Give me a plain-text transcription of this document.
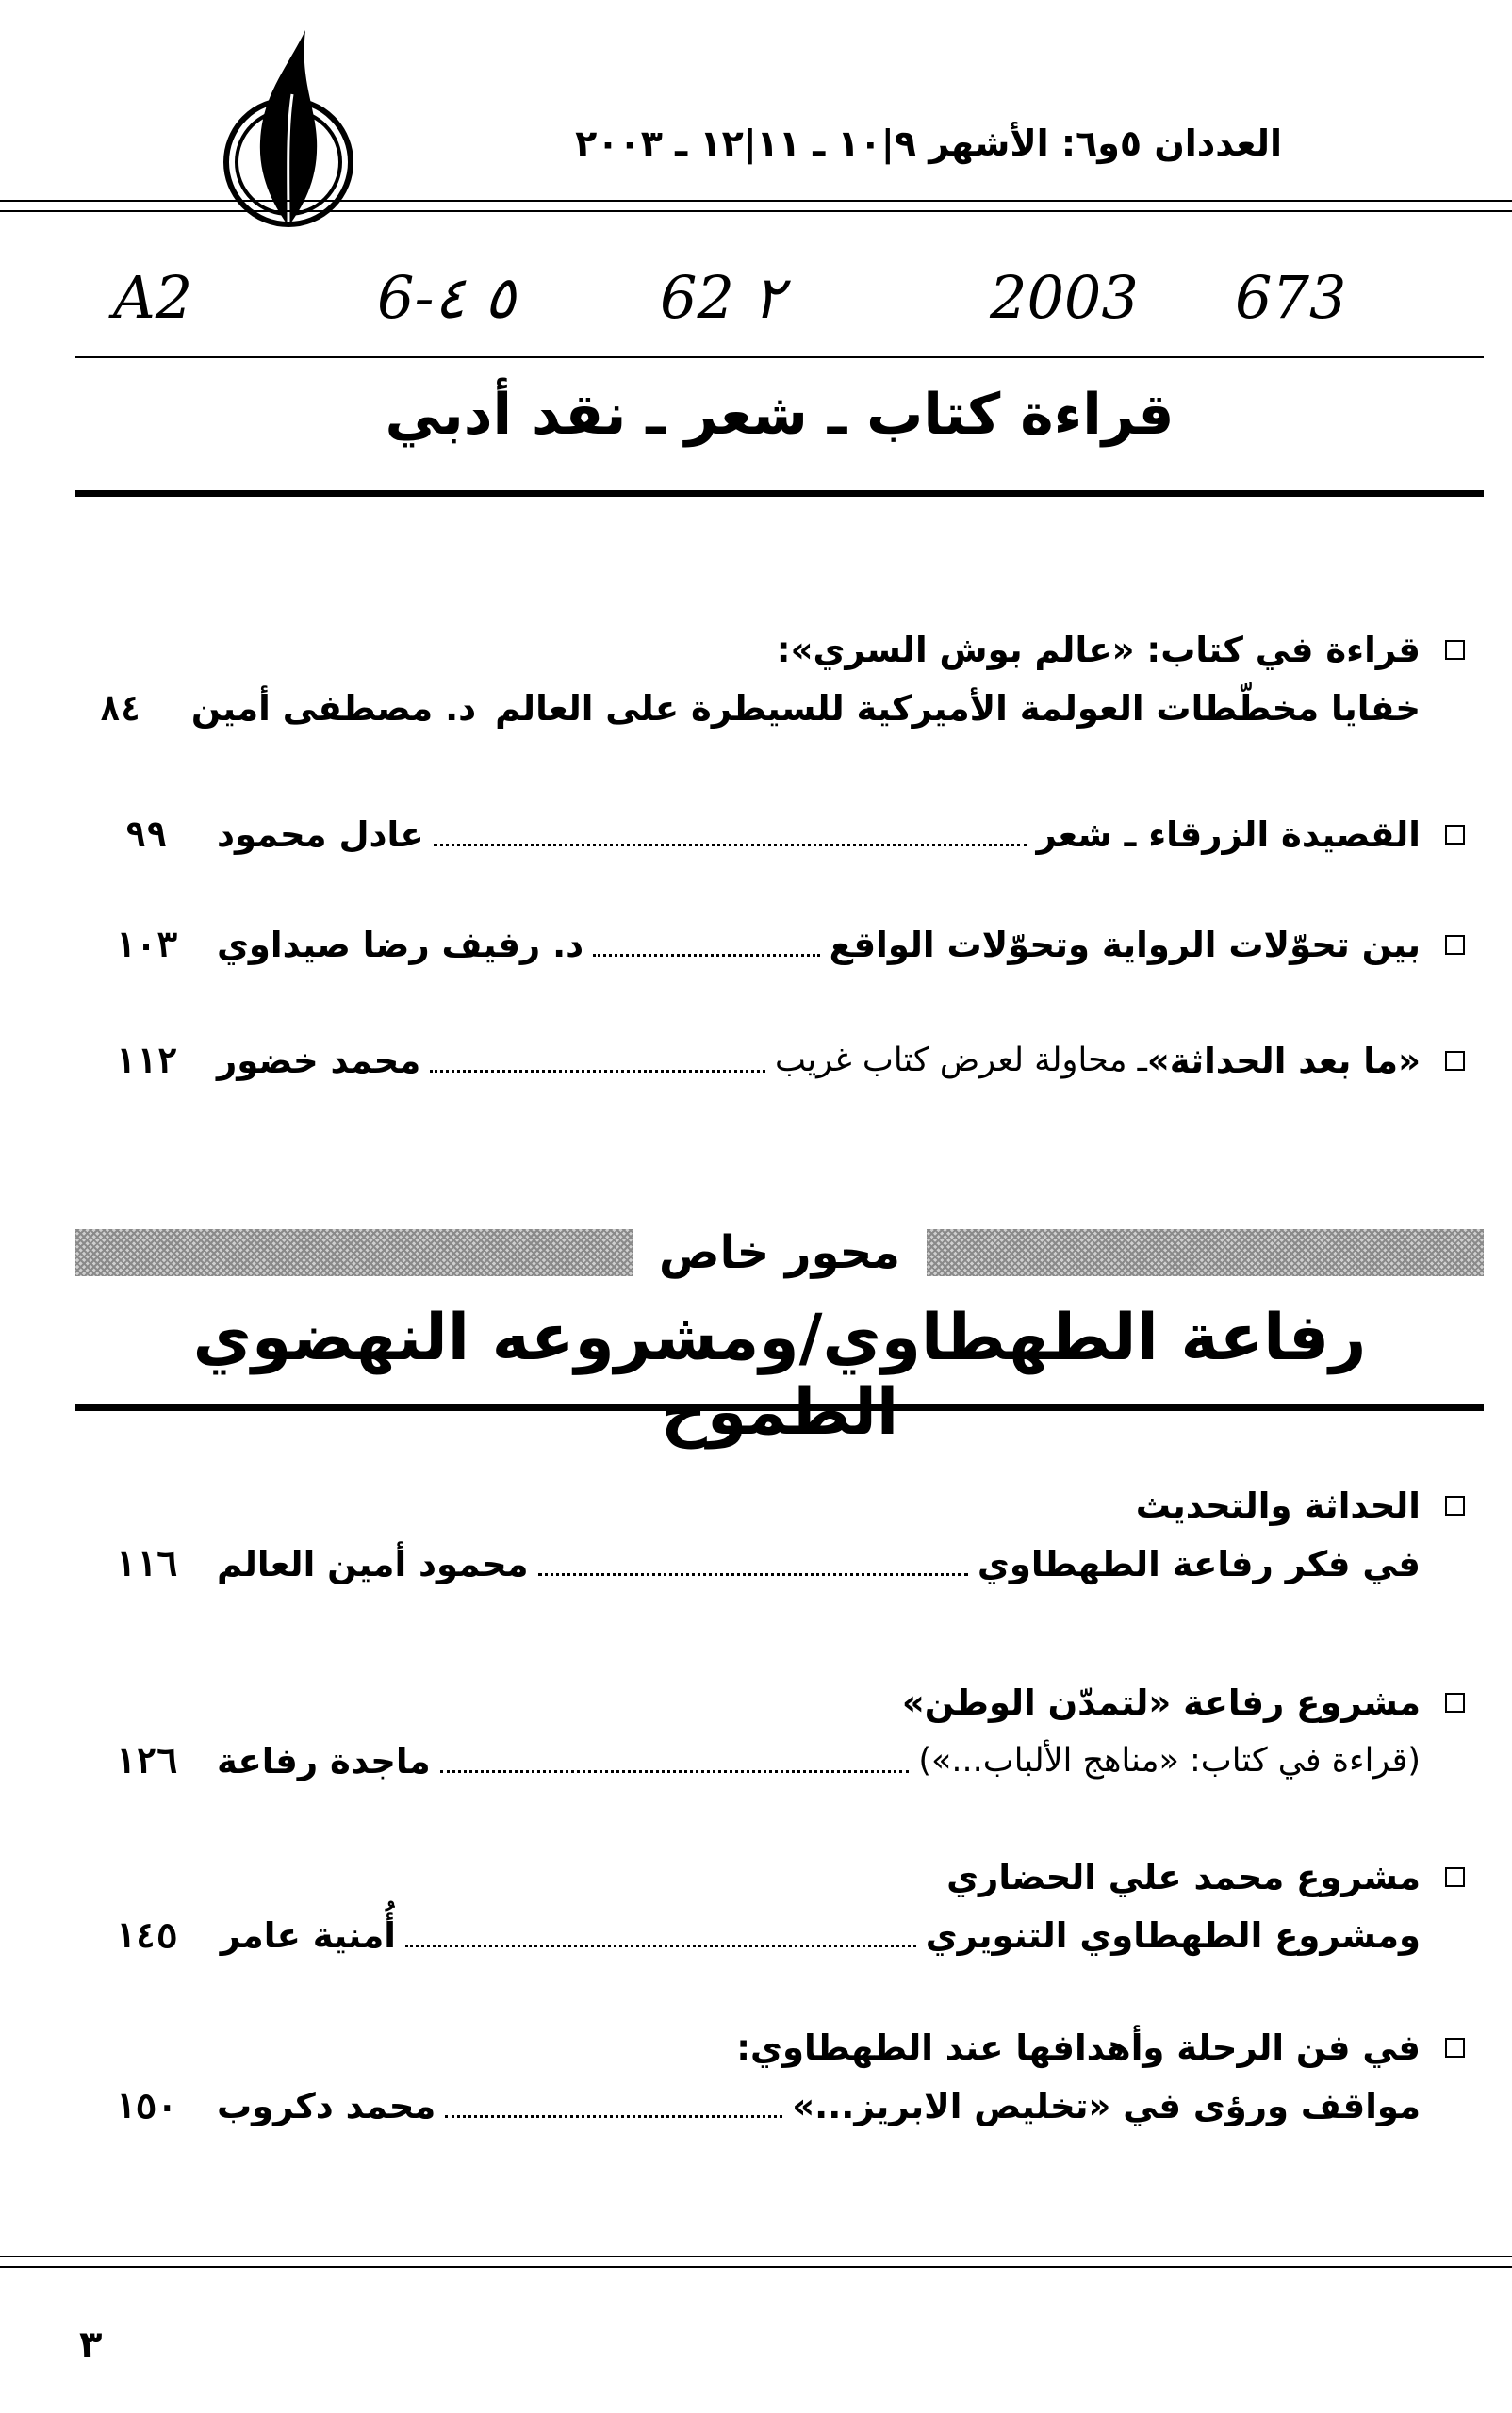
العددان ٥و٦: الأشهر ٩|١٠ ـ ١١|١٢ ـ ٢٠٠٣
A2	6-٥ ٤ 62 ٢	2003 673
قراءة كتاب ـ شعر ـ نقد أدبي
قراءة في كتاب: «عالم بوش السري»:
خفايا مخطّطات العولمة الأميركية للسيطرة على العالم
د. مصطفى أمين
٨٤
القصيدة الزرقاء ـ شعر
عادل محمود
٩٩
بين تحوّلات الرواية وتحوّلات الواقع
د. رفيف رضا صيداوي
١٠٣
«ما بعد الحداثة»
ـ محاولة لعرض كتاب غريب
محمد خضور
١١٢
محور خاص
رفاعة الطهطاوي/ومشروعه النهضوي الطموح
الحداثة والتحديث
في فكر رفاعة الطهطاوي
محمود أمين العالم
١١٦
مشروع رفاعة «لتمدّن الوطن»
(قراءة في كتاب: «مناهج الألباب...»)
ماجدة رفاعة
١٢٦
مشروع محمد علي الحضاري
ومشروع الطهطاوي التنويري
أُمنية عامر
١٤٥
في فن الرحلة وأهدافها عند الطهطاوي:
مواقف ورؤى في «تخليص الابريز...»
محمد دكروب
١٥٠
٣
